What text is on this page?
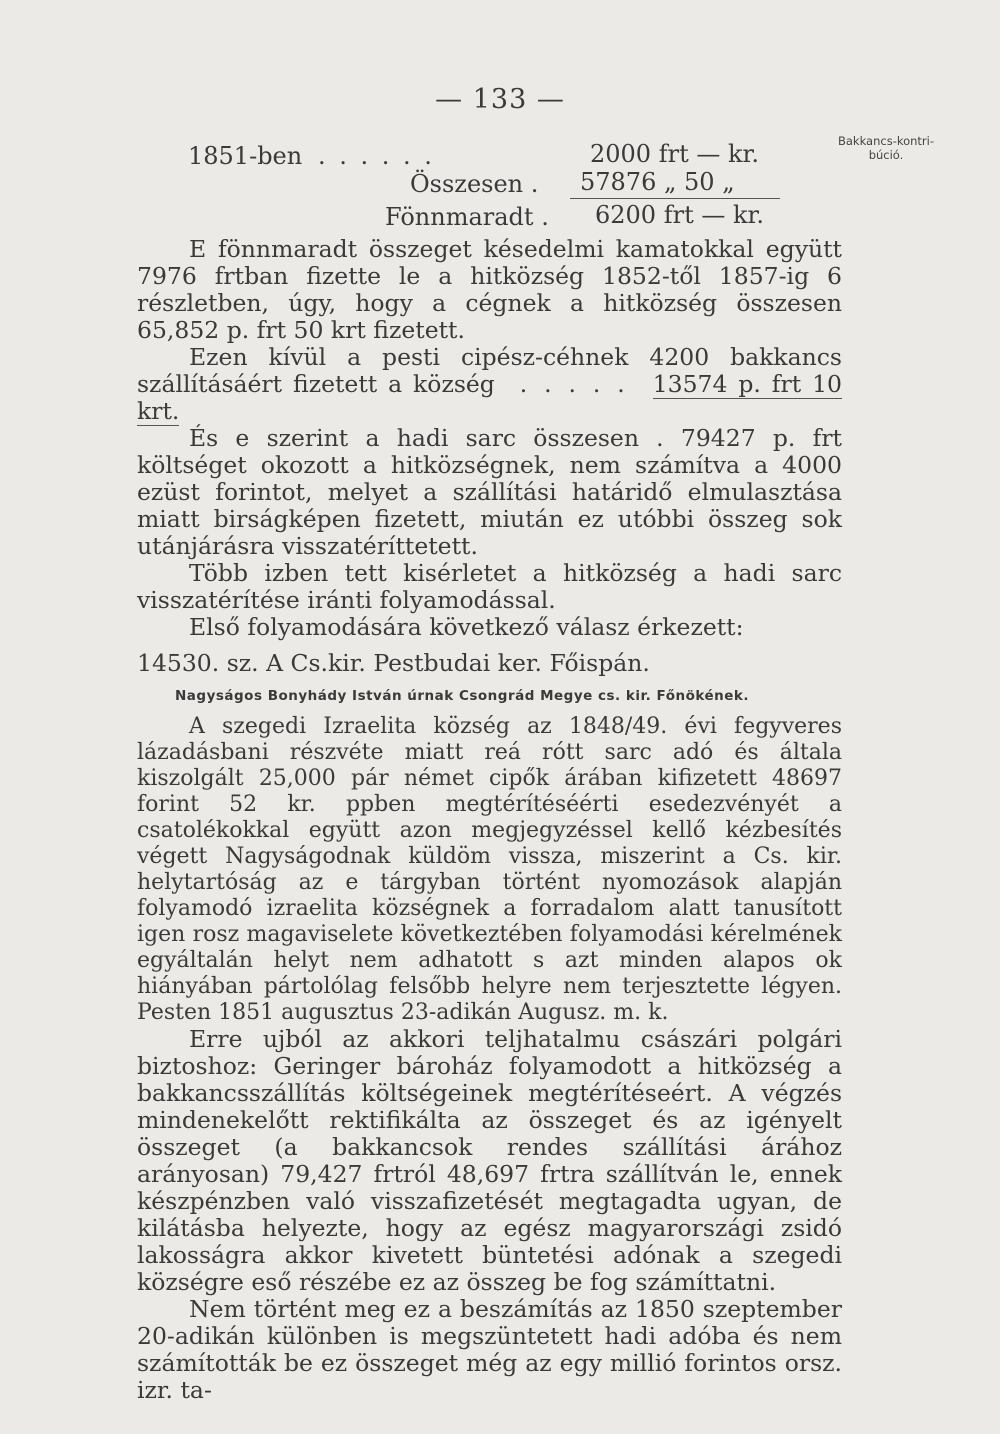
— 133 —
Bakkancs-kontri-búció.
1851-ben . . . . . .	2000 frt — kr.
Összesen . 57876 „ 50 „
Fönnmaradt . 6200 frt — kr.

E fönnmaradt összeget késedelmi kamatokkal együtt 7976 frtban fizette le a hitközség 1852-től 1857-ig 6 részletben, úgy, hogy a cégnek a hitközség összesen 65,852 p. frt 50 krt fizetett.

Ezen kívül a pesti cipész-céhnek 4200 bakkancs szállításáért fizetett a község . . . . . 13574 p. frt 10 krt.

És e szerint a hadi sarc összesen . 79427 p. frt költséget okozott a hitközségnek, nem számítva a 4000 ezüst forintot, melyet a szállítási határidő elmulasztása miatt birságképen fizetett, miután ez utóbbi összeg sok utánjárásra visszatéríttetett.

Több izben tett kisérletet a hitközség a hadi sarc visszatérítése iránti folyamodással.

Első folyamodására következő válasz érkezett:

14530. sz. A Cs.kir. Pestbudai ker. Főispán.

Nagyságos Bonyhády István úrnak Csongrád Megye cs. kir. Főnökének.

A szegedi Izraelita község az 1848/49. évi fegyveres lázadásbani részvéte miatt reá rótt sarc adó és általa kiszolgált 25,000 pár német cipők árában kifizetett 48697 forint 52 kr. ppben megtérítéséérti esedezvényét a csatolékokkal együtt azon megjegyzéssel kellő kézbesítés végett Nagyságodnak küldöm vissza, miszerint a Cs. kir. helytartóság az e tárgyban történt nyomozások alapján folyamodó izraelita községnek a forradalom alatt tanusított igen rosz magaviselete következtében folyamodási kérelmének egyáltalán helyt nem adhatott s azt minden alapos ok hiányában pártolólag felsőbb helyre nem terjesztette légyen. Pesten 1851 augusztus 23-adikán Augusz. m. k.

Erre ujból az akkori teljhatalmu császári polgári biztoshoz: Geringer bároház folyamodott a hitközség a bakkancsszállítás költségeinek megtérítéseért. A végzés mindenekelőtt rektifikálta az összeget és az igényelt összeget (a bakkancsok rendes szállítási árához arányosan) 79,427 frtról 48,697 frtra szállítván le, ennek készpénzben való visszafizetését megtagadta ugyan, de kilátásba helyezte, hogy az egész magyarországi zsidó lakosságra akkor kivetett büntetési adónak a szegedi községre eső részébe ez az összeg be fog számíttatni.

Nem történt meg ez a beszámítás az 1850 szeptember 20-adikán különben is megszüntetett hadi adóba és nem számították be ez összeget még az egy millió forintos orsz. izr. ta-
